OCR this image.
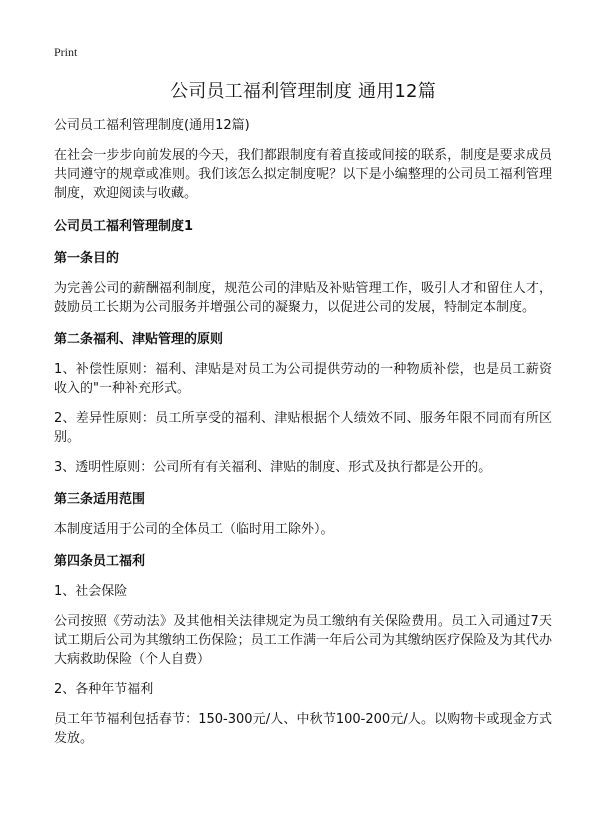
Print

公司员工福利管理制度 通用12篇

公司员工福利管理制度(通用12篇)

在社会一步步向前发展的今天，我们都跟制度有着直接或间接的联系，制度是要求成员共同遵守的规章或准则。我们该怎么拟定制度呢？以下是小编整理的公司员工福利管理制度，欢迎阅读与收藏。

公司员工福利管理制度1

第一条目的

为完善公司的薪酬福利制度，规范公司的津贴及补贴管理工作，吸引人才和留住人才，鼓励员工长期为公司服务并增强公司的凝聚力，以促进公司的发展，特制定本制度。

第二条福利、津贴管理的原则

1、补偿性原则：福利、津贴是对员工为公司提供劳动的一种物质补偿，也是员工薪资收入的"一种补充形式。

2、差异性原则：员工所享受的福利、津贴根据个人绩效不同、服务年限不同而有所区别。

3、透明性原则：公司所有有关福利、津贴的制度、形式及执行都是公开的。

第三条适用范围

本制度适用于公司的全体员工（临时用工除外）。

第四条员工福利

1、社会保险

公司按照《劳动法》及其他相关法律规定为员工缴纳有关保险费用。员工入司通过7天试工期后公司为其缴纳工伤保险；员工工作满一年后公司为其缴纳医疗保险及为其代办大病救助保险（个人自费）

2、各种年节福利

员工年节福利包括春节：150-300元/人、中秋节100-200元/人。以购物卡或现金方式发放。
